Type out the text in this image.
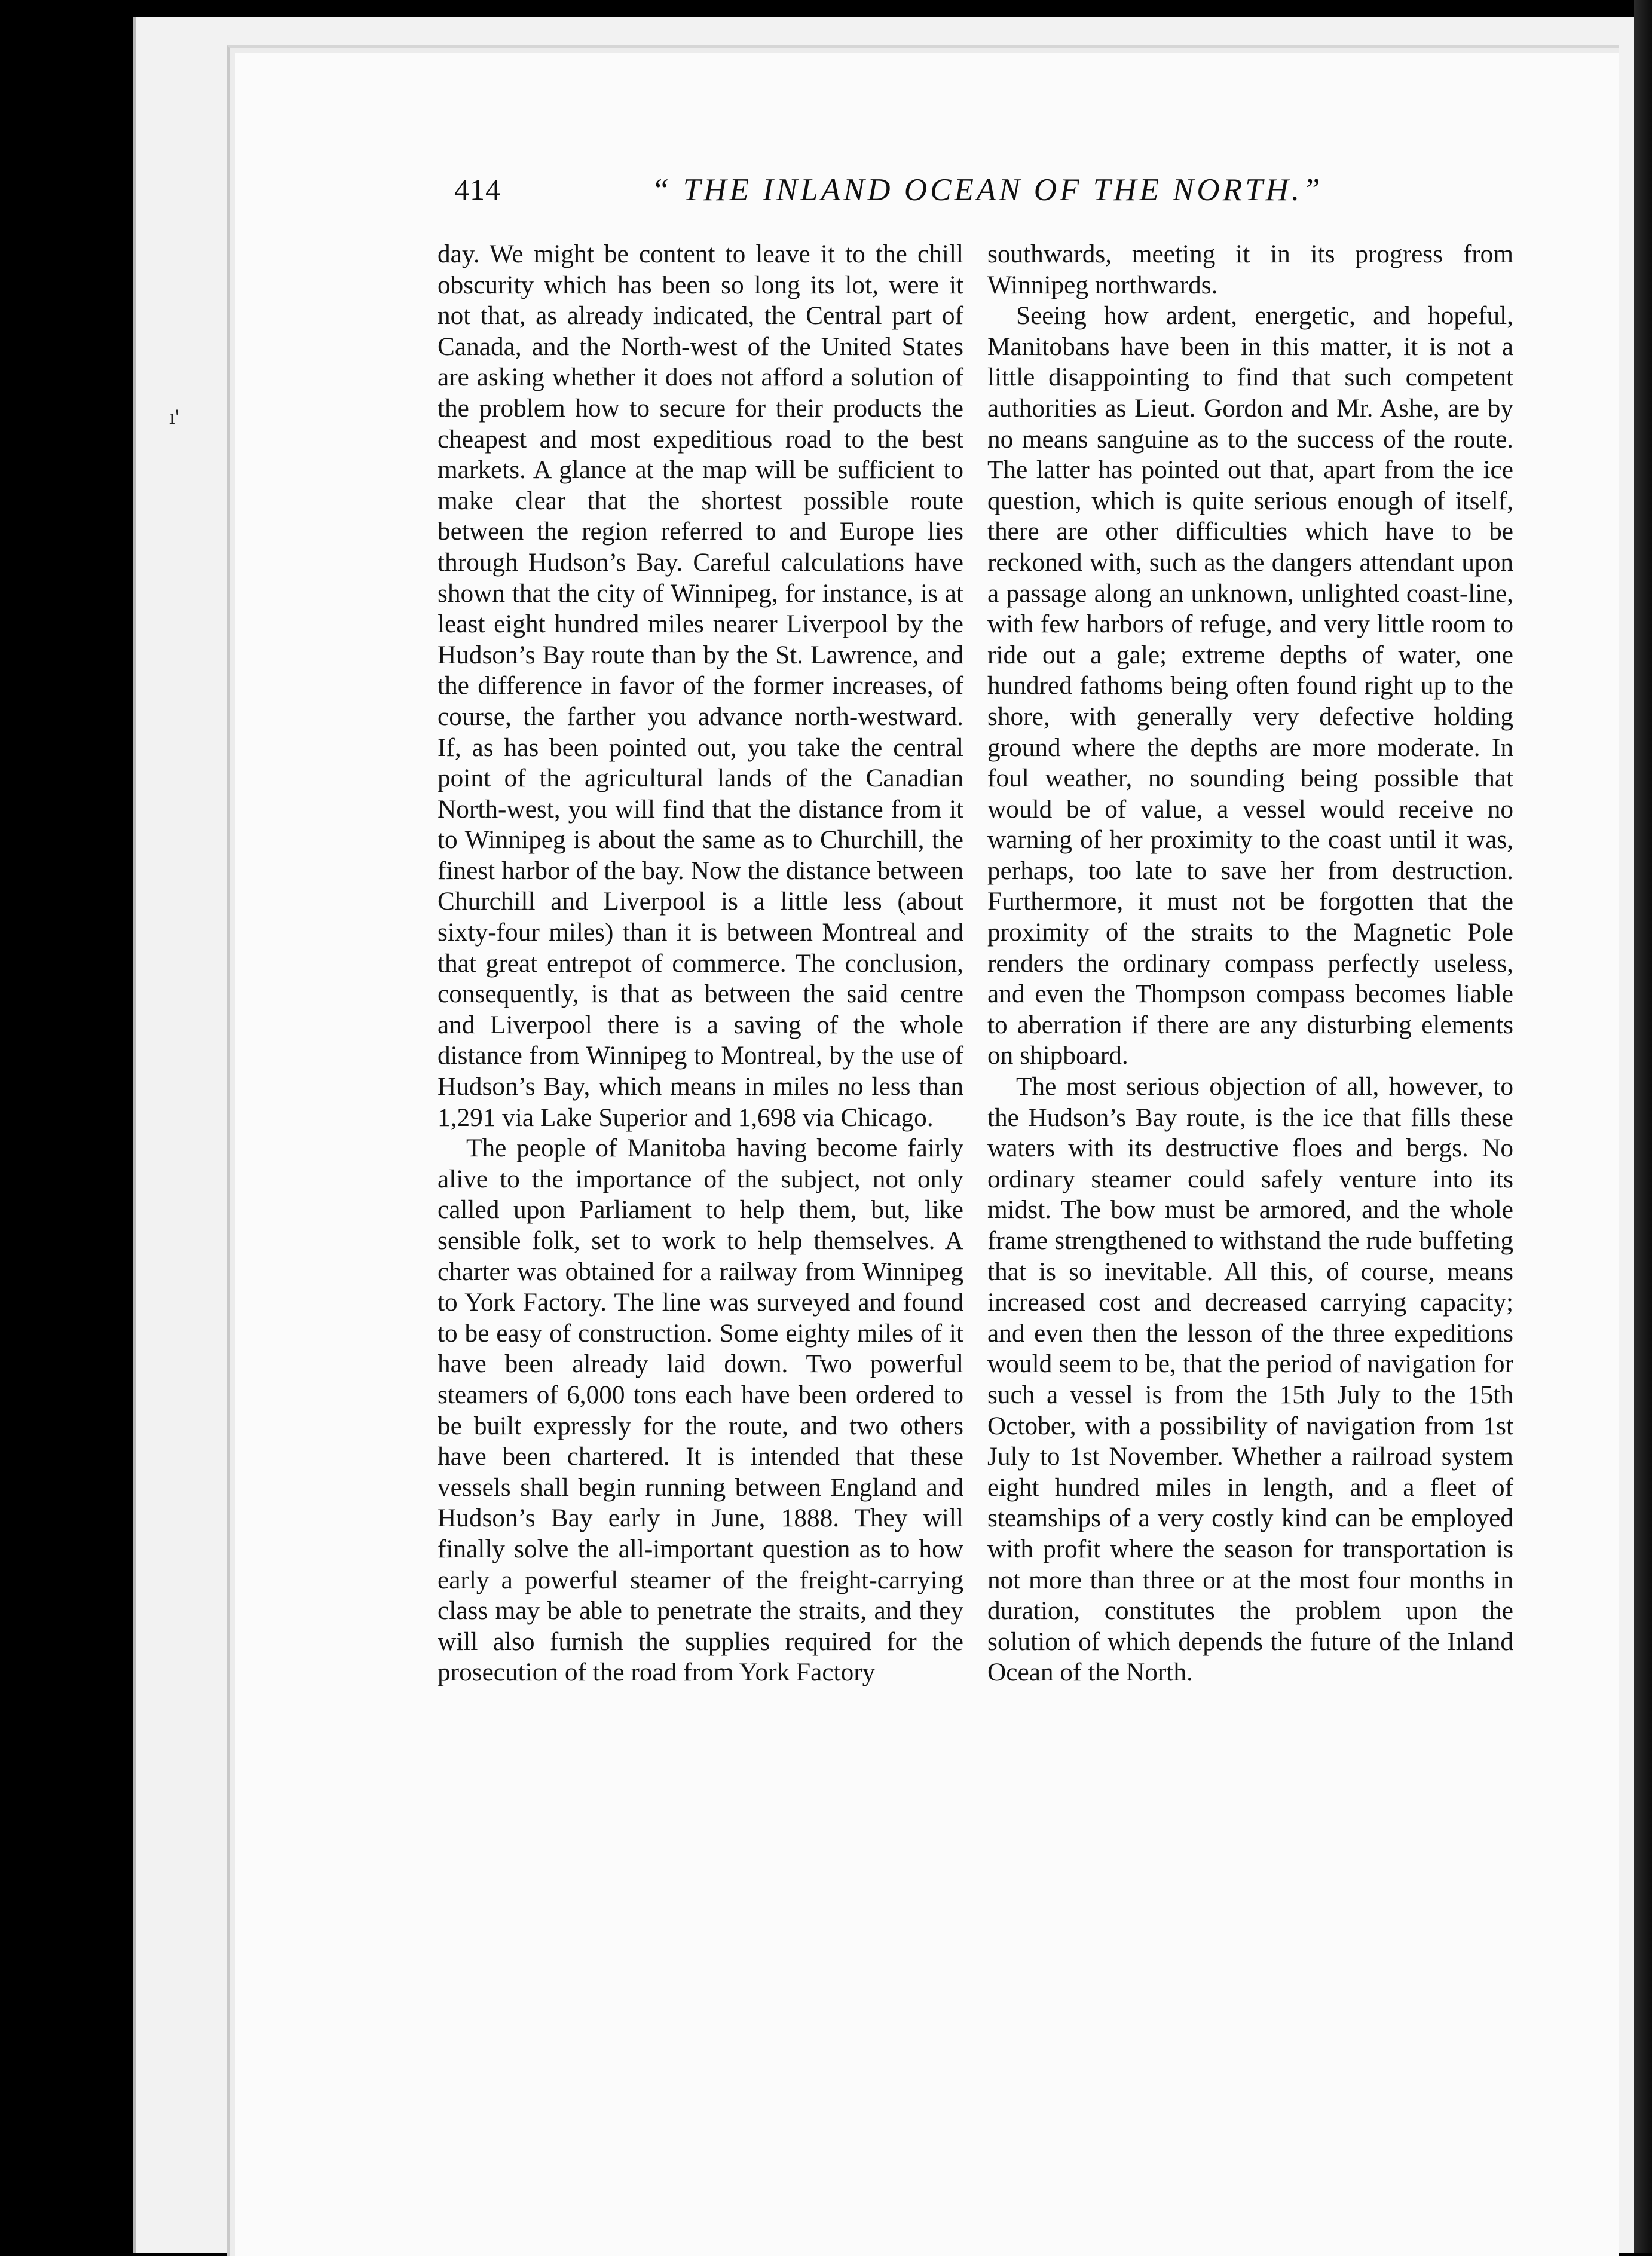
ı'
414	“ THE INLAND OCEAN OF THE NORTH.”

day. We might be content to leave it to the chill obscurity which has been so long its lot, were it not that, as already indicated, the Central part of Canada, and the North-west of the United States are asking whether it does not afford a solution of the problem how to secure for their products the cheapest and most expeditious road to the best markets. A glance at the map will be sufficient to make clear that the shortest possible route between the region referred to and Europe lies through Hudson’s Bay. Careful calculations have shown that the city of Winnipeg, for instance, is at least eight hundred miles nearer Liverpool by the Hudson’s Bay route than by the St. Lawrence, and the difference in favor of the former increases, of course, the farther you advance north-westward. If, as has been pointed out, you take the central point of the agricultural lands of the Canadian North-west, you will find that the distance from it to Winnipeg is about the same as to Churchill, the finest harbor of the bay. Now the distance between Churchill and Liverpool is a little less (about sixty-four miles) than it is between Montreal and that great entrepot of commerce. The conclusion, consequently, is that as between the said centre and Liverpool there is a saving of the whole distance from Winnipeg to Montreal, by the use of Hudson’s Bay, which means in miles no less than 1,291 via Lake Superior and 1,698 via Chicago.

The people of Manitoba having become fairly alive to the importance of the subject, not only called upon Parliament to help them, but, like sensible folk, set to work to help themselves. A charter was obtained for a railway from Winnipeg to York Factory. The line was surveyed and found to be easy of construction. Some eighty miles of it have been already laid down. Two powerful steamers of 6,000 tons each have been ordered to be built expressly for the route, and two others have been chartered. It is intended that these vessels shall begin running between England and Hudson’s Bay early in June, 1888. They will finally solve the all-important question as to how early a powerful steamer of the freight-carrying class may be able to penetrate the straits, and they will also furnish the supplies required for the prosecution of the road from York Factory

southwards, meeting it in its progress from Winnipeg northwards.

Seeing how ardent, energetic, and hopeful, Manitobans have been in this matter, it is not a little disappointing to find that such competent authorities as Lieut. Gordon and Mr. Ashe, are by no means sanguine as to the success of the route. The latter has pointed out that, apart from the ice question, which is quite serious enough of itself, there are other difficulties which have to be reckoned with, such as the dangers attendant upon a passage along an unknown, unlighted coast-line, with few harbors of refuge, and very little room to ride out a gale; extreme depths of water, one hundred fathoms being often found right up to the shore, with generally very defective holding ground where the depths are more moderate. In foul weather, no sounding being possible that would be of value, a vessel would receive no warning of her proximity to the coast until it was, perhaps, too late to save her from destruction. Furthermore, it must not be forgotten that the proximity of the straits to the Magnetic Pole renders the ordinary compass perfectly useless, and even the Thompson compass becomes liable to aberration if there are any disturbing elements on shipboard.

The most serious objection of all, however, to the Hudson’s Bay route, is the ice that fills these waters with its destructive floes and bergs. No ordinary steamer could safely venture into its midst. The bow must be armored, and the whole frame strengthened to withstand the rude buffeting that is so inevitable. All this, of course, means increased cost and decreased carrying capacity; and even then the lesson of the three expeditions would seem to be, that the period of navigation for such a vessel is from the 15th July to the 15th October, with a possibility of navigation from 1st July to 1st November. Whether a railroad system eight hundred miles in length, and a fleet of steamships of a very costly kind can be employed with profit where the season for transportation is not more than three or at the most four months in duration, constitutes the problem upon the solution of which depends the future of the Inland Ocean of the North.
